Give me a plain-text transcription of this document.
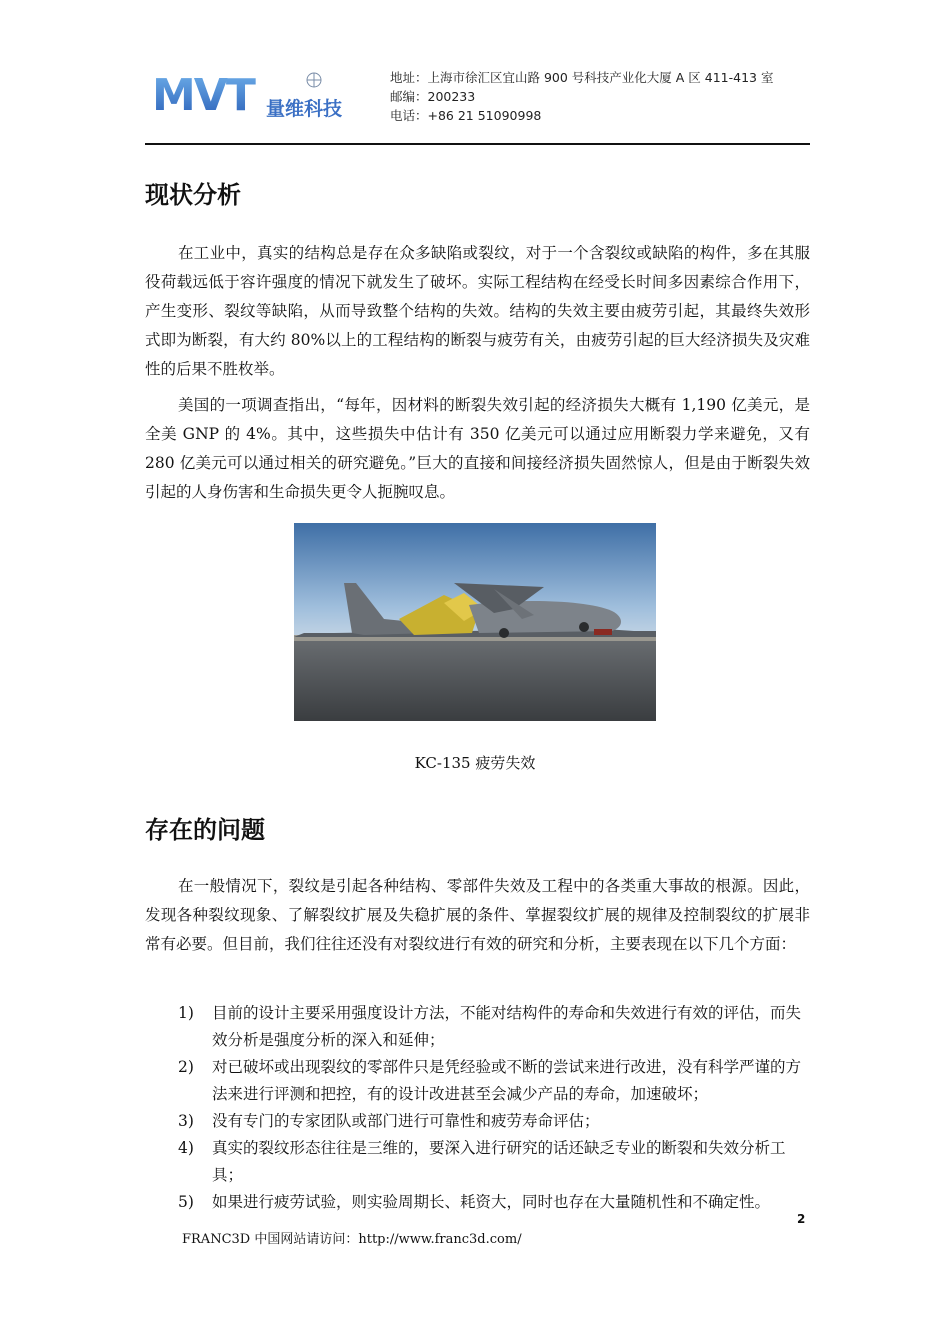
MVT 量维科技
地址：上海市徐汇区宜山路 900 号科技产业化大厦 A 区 411-413 室
邮编：200233
电话：+86 21 51090998
现状分析

在工业中，真实的结构总是存在众多缺陷或裂纹，对于一个含裂纹或缺陷的构件，多在其服役荷载远低于容许强度的情况下就发生了破坏。实际工程结构在经受长时间多因素综合作用下，产生变形、裂纹等缺陷，从而导致整个结构的失效。结构的失效主要由疲劳引起，其最终失效形式即为断裂，有大约 80%以上的工程结构的断裂与疲劳有关，由疲劳引起的巨大经济损失及灾难性的后果不胜枚举。

美国的一项调查指出，“每年，因材料的断裂失效引起的经济损失大概有 1,190 亿美元，是全美 GNP 的 4%。其中，这些损失中估计有 350 亿美元可以通过应用断裂力学来避免，又有 280 亿美元可以通过相关的研究避免。”巨大的直接和间接经济损失固然惊人，但是由于断裂失效引起的人身伤害和生命损失更令人扼腕叹息。

KC-135 疲劳失效
存在的问题

在一般情况下，裂纹是引起各种结构、零部件失效及工程中的各类重大事故的根源。因此，发现各种裂纹现象、了解裂纹扩展及失稳扩展的条件、掌握裂纹扩展的规律及控制裂纹的扩展非常有必要。但目前，我们往往还没有对裂纹进行有效的研究和分析，主要表现在以下几个方面：

1) 目前的设计主要采用强度设计方法，不能对结构件的寿命和失效进行有效的评估，而失效分析是强度分析的深入和延伸；
2) 对已破坏或出现裂纹的零部件只是凭经验或不断的尝试来进行改进，没有科学严谨的方法来进行评测和把控，有的设计改进甚至会减少产品的寿命，加速破坏；
3) 没有专门的专家团队或部门进行可靠性和疲劳寿命评估；
4) 真实的裂纹形态往往是三维的，要深入进行研究的话还缺乏专业的断裂和失效分析工具；
5) 如果进行疲劳试验，则实验周期长、耗资大，同时也存在大量随机性和不确定性。
2
FRANC3D 中国网站请访问：http://www.franc3d.com/
